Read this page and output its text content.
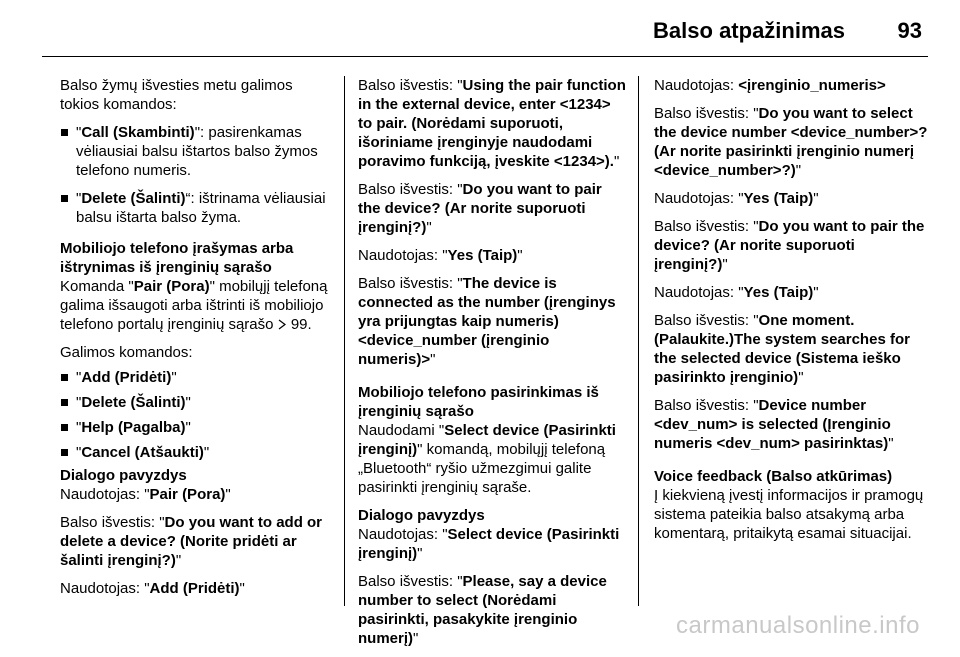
Balso atpažinimas 93

Balso žymų išvesties metu galimos tokios komandos:

"Call (Skambinti)": pasirenkamas vėliausiai balsu ištartos balso žymos telefono numeris.
"Delete (Šalinti)“: ištrinama vėliausiai balsu ištarta balso žyma.
Mobiliojo telefono įrašymas arba ištrynimas iš įrenginių sąrašo

Komanda "Pair (Pora)" mobilųjį telefoną galima išsaugoti arba ištrinti iš mobiliojo telefono portalų įrenginių sąrašo  99.

Galimos komandos:

"Add (Pridėti)"
"Delete (Šalinti)"
"Help (Pagalba)"
"Cancel (Atšaukti)"
Dialogo pavyzdys

Naudotojas: "Pair (Pora)"

Balso išvestis: "Do you want to add or delete a device? (Norite pridėti ar šalinti įrenginį?)"

Naudotojas: "Add (Pridėti)"

Balso išvestis: "Using the pair function in the external device, enter <1234> to pair. (Norėdami suporuoti, išoriniame įrenginyje naudodami poravimo funkciją, įveskite <1234>)."

Balso išvestis: "Do you want to pair the device? (Ar norite suporuoti įrenginį?)"

Naudotojas: "Yes (Taip)"

Balso išvestis: "The device is connected as the number (įrenginys yra prijungtas kaip numeris) <device_number (įrenginio numeris)>"

Mobiliojo telefono pasirinkimas iš įrenginių sąrašo

Naudodami "Select device (Pasirinkti įrenginį)" komandą, mobilųjį telefoną „Bluetooth“ ryšio užmezgimui galite pasirinkti įrenginių sąraše.

Dialogo pavyzdys

Naudotojas: "Select device (Pasirinkti įrenginį)"

Balso išvestis: "Please, say a device number to select (Norėdami pasirinkti, pasakykite įrenginio numerį)"

Naudotojas: <įrenginio_numeris>

Balso išvestis: "Do you want to select the device number <device_number>? (Ar norite pasirinkti įrenginio numerį <device_number>?)"

Naudotojas: "Yes (Taip)"

Balso išvestis: "Do you want to pair the device? (Ar norite suporuoti įrenginį?)"

Naudotojas: "Yes (Taip)"

Balso išvestis: "One moment. (Palaukite.)The system searches for the selected device (Sistema ieško pasirinkto įrenginio)"

Balso išvestis: "Device number <dev_num> is selected (Įrenginio numeris <dev_num> pasirinktas)"

Voice feedback (Balso atkūrimas)

Į kiekvieną įvestį informacijos ir pramogų sistema pateikia balso atsakymą arba komentarą, pritaikytą esamai situacijai.

carmanualsonline.info
